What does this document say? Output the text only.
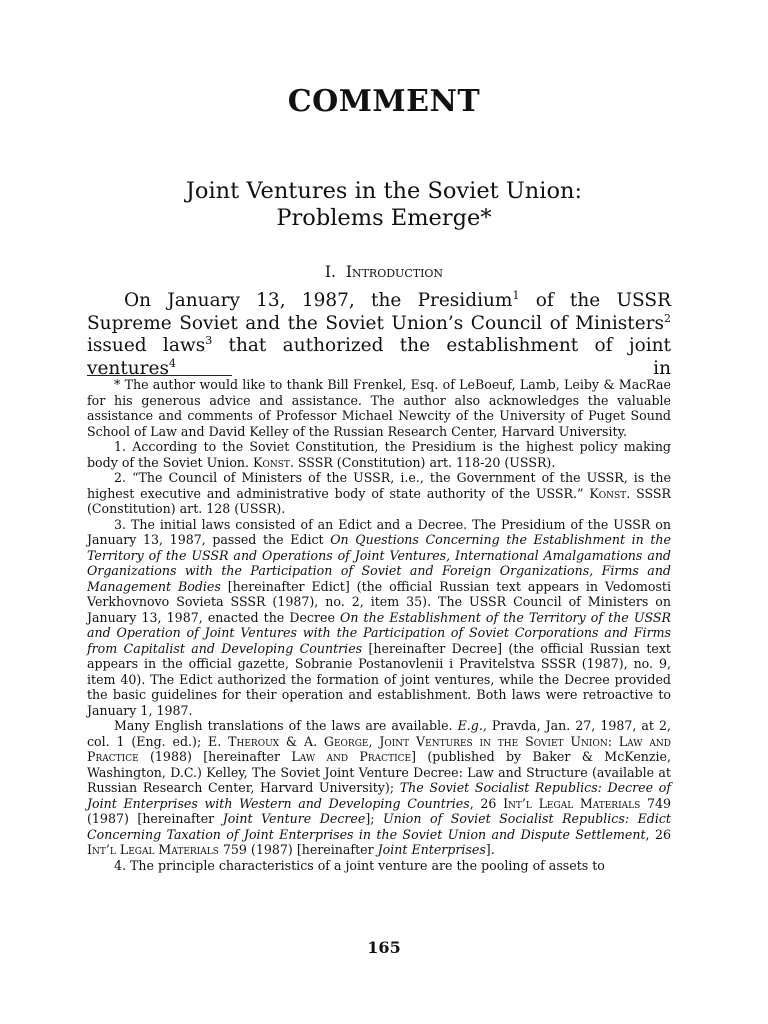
COMMENT
Joint Ventures in the Soviet Union:
Problems Emerge*
I. Introduction

On January 13, 1987, the Presidium$^1$ of the USSR Supreme Soviet and the Soviet Union’s Council of Ministers$^2$ issued laws$^3$ that authorized the establishment of joint ventures$^4$ in

* The author would like to thank Bill Frenkel, Esq. of LeBoeuf, Lamb, Leiby & MacRae for his generous advice and assistance. The author also acknowledges the valuable assistance and comments of Professor Michael Newcity of the University of Puget Sound School of Law and David Kelley of the Russian Research Center, Harvard University.

1. According to the Soviet Constitution, the Presidium is the highest policy making body of the Soviet Union. Konst. SSSR (Constitution) art. 118-20 (USSR).

2. “The Council of Ministers of the USSR, i.e., the Government of the USSR, is the highest executive and administrative body of state authority of the USSR.” Konst. SSSR (Constitution) art. 128 (USSR).

3. The initial laws consisted of an Edict and a Decree. The Presidium of the USSR on January 13, 1987, passed the Edict On Questions Concerning the Establishment in the Territory of the USSR and Operations of Joint Ventures, International Amalgamations and Organizations with the Participation of Soviet and Foreign Organizations, Firms and Management Bodies [hereinafter Edict] (the official Russian text appears in Vedomosti Verkhovnovo Sovieta SSSR (1987), no. 2, item 35). The USSR Council of Ministers on January 13, 1987, enacted the Decree On the Establishment of the Territory of the USSR and Operation of Joint Ventures with the Participation of Soviet Corporations and Firms from Capitalist and Developing Countries [hereinafter Decree] (the official Russian text appears in the official gazette, Sobranie Postanovlenii i Pravitelstva SSSR (1987), no. 9, item 40). The Edict authorized the formation of joint ventures, while the Decree provided the basic guidelines for their operation and establishment. Both laws were retroactive to January 1, 1987.

Many English translations of the laws are available. E.g., Pravda, Jan. 27, 1987, at 2, col. 1 (Eng. ed.); E. Theroux & A. George, Joint Ventures in the Soviet Union: Law and Practice (1988) [hereinafter Law and Practice] (published by Baker & McKenzie, Washington, D.C.) Kelley, The Soviet Joint Venture Decree: Law and Structure (available at Russian Research Center, Harvard University); The Soviet Socialist Republics: Decree of Joint Enterprises with Western and Developing Countries, 26 Int’l Legal Materials 749 (1987) [hereinafter Joint Venture Decree]; Union of Soviet Socialist Republics: Edict Concerning Taxation of Joint Enterprises in the Soviet Union and Dispute Settlement, 26 Int’l Legal Materials 759 (1987) [hereinafter Joint Enterprises].

4. The principle characteristics of a joint venture are the pooling of assets to

165
